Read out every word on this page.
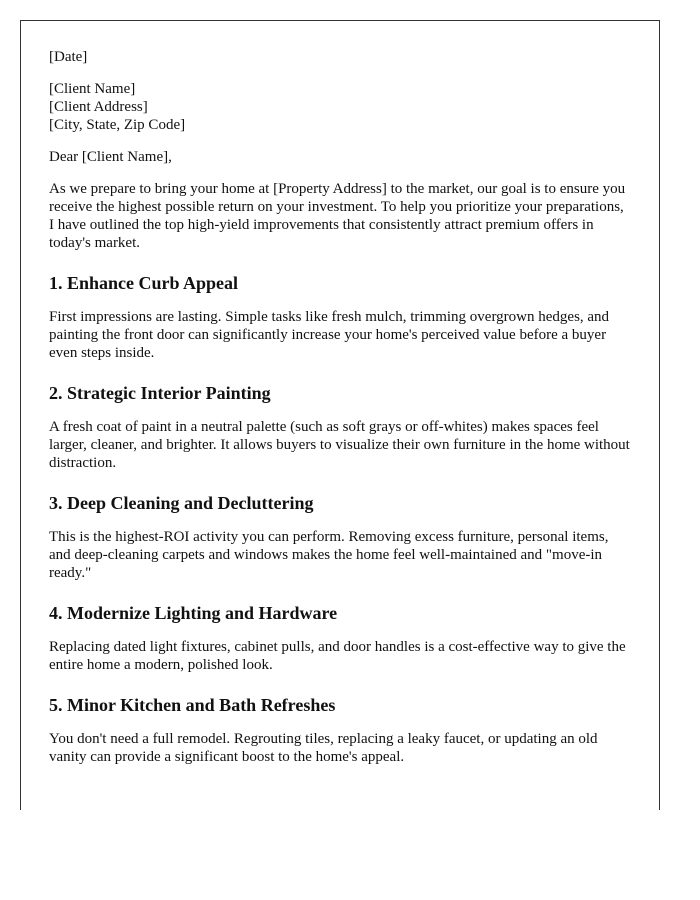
[Date]
[Client Name]
[Client Address]
[City, State, Zip Code]

Dear [Client Name],

As we prepare to bring your home at [Property Address] to the market, our goal is to ensure you receive the highest possible return on your investment. To help you prioritize your preparations, I have outlined the top high-yield improvements that consistently attract premium offers in today's market.

1. Enhance Curb Appeal

First impressions are lasting. Simple tasks like fresh mulch, trimming overgrown hedges, and painting the front door can significantly increase your home's perceived value before a buyer even steps inside.

2. Strategic Interior Painting

A fresh coat of paint in a neutral palette (such as soft grays or off-whites) makes spaces feel larger, cleaner, and brighter. It allows buyers to visualize their own furniture in the home without distraction.

3. Deep Cleaning and Decluttering

This is the highest-ROI activity you can perform. Removing excess furniture, personal items, and deep-cleaning carpets and windows makes the home feel well-maintained and "move-in ready."

4. Modernize Lighting and Hardware

Replacing dated light fixtures, cabinet pulls, and door handles is a cost-effective way to give the entire home a modern, polished look.

5. Minor Kitchen and Bath Refreshes

You don't need a full remodel. Regrouting tiles, replacing a leaky faucet, or updating an old vanity can provide a significant boost to the home's appeal.
